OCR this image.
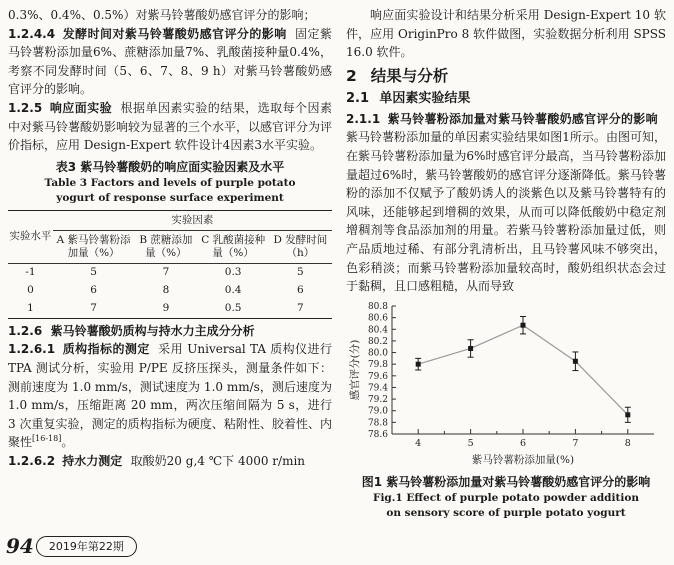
0.3%、0.4%、0.5%）对紫马铃薯酸奶感官评分的影响；

1.2.4.4 发酵时间对紫马铃薯酸奶感官评分的影响 固定紫马铃薯粉添加量6%、蔗糖添加量7%、乳酸菌接种量0.4%，考察不同发酵时间（5、6、7、8、9 h）对紫马铃薯酸奶感官评分的影响。

1.2.5 响应面实验 根据单因素实验的结果，选取每个因素中对紫马铃薯酸奶影响较为显著的三个水平，以感官评分为评价指标，应用 Design-Expert 软件设计4因素3水平实验。

表3 紫马铃薯酸奶的响应面实验因素及水平

Table 3 Factors and levels of purple potato

yogurt of response surface experiment

实验水平	实验因素			
	A 紫马铃薯粉添加量（%）	B 蔗糖添加量（%）	C 乳酸菌接种量（%）	D 发酵时间（h）
-1	5	7	0.3	5
0	6	8	0.4	6
1	7	9	0.5	7

1.2.6 紫马铃薯酸奶质构与持水力主成分分析

1.2.6.1 质构指标的测定 采用 Universal TA 质构仪进行 TPA 测试分析，实验用 P/PE 反挤压探头，测量条件如下：测前速度为 1.0 mm/s，测试速度为 1.0 mm/s，测后速度为 1.0 mm/s，压缩距离 20 mm，两次压缩间隔为 5 s，进行 3 次重复实验，测定的质构指标为硬度、粘附性、胶着性、内聚性[16-18]。

1.2.6.2 持水力测定 取酸奶20 g,4 ℃下 4000 r/min

响应面实验设计和结果分析采用 Design-Expert 10 软件，应用 OriginPro 8 软件做图，实验数据分析利用 SPSS 16.0 软件。

2 结果与分析

2.1 单因素实验结果

2.1.1 紫马铃薯粉添加量对紫马铃薯酸奶感官评分的影响紫马铃薯粉添加量的单因素实验结果如图1所示。由图可知，在紫马铃薯粉添加量为6%时感官评分最高，当马铃薯粉添加量超过6%时，紫马铃薯酸奶的感官评分逐渐降低。紫马铃薯粉的添加不仅赋予了酸奶诱人的淡紫色以及紫马铃薯特有的风味，还能够起到增稠的效果，从而可以降低酸奶中稳定剂增稠剂等食品添加剂的用量。若紫马铃薯粉添加量过低，则产品质地过稀、有部分乳清析出，且马铃薯风味不够突出，色彩稍淡；而紫马铃薯粉添加量较高时，酸奶组织状态会过于黏稠，且口感粗糙，从而导致

78.6
78.8
79.0
79.2
79.4
79.6
79.8
80.0
80.2
80.4
80.6
80.8
4	5	6	7	8
紫马铃薯粉添加量(%)
感官评分(分)

图1 紫马铃薯粉添加量对紫马铃薯酸奶感官评分的影响

Fig.1 Effect of purple potato powder addition

on sensory score of purple potato yogurt

94	2019年第22期
